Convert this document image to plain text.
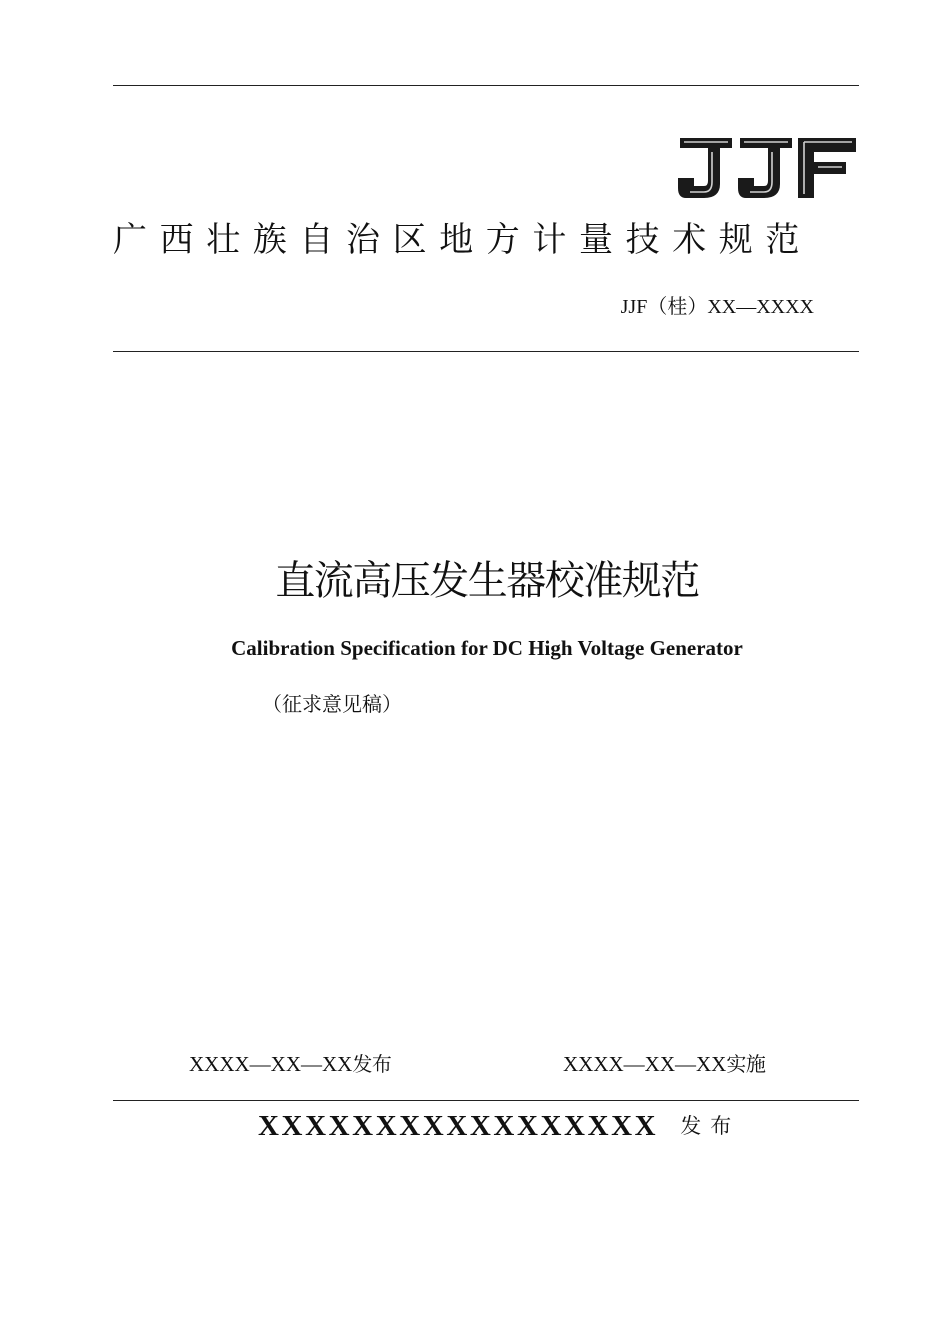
广西壮族自治区地方计量技术规范
JJF（桂）XX—XXXX
直流高压发生器校准规范
Calibration Specification for DC High Voltage Generator
（征求意见稿）
XXXX—XX—XX发布	XXXX—XX—XX实施
XXXXXXXXXXXXXXXXX 发布
